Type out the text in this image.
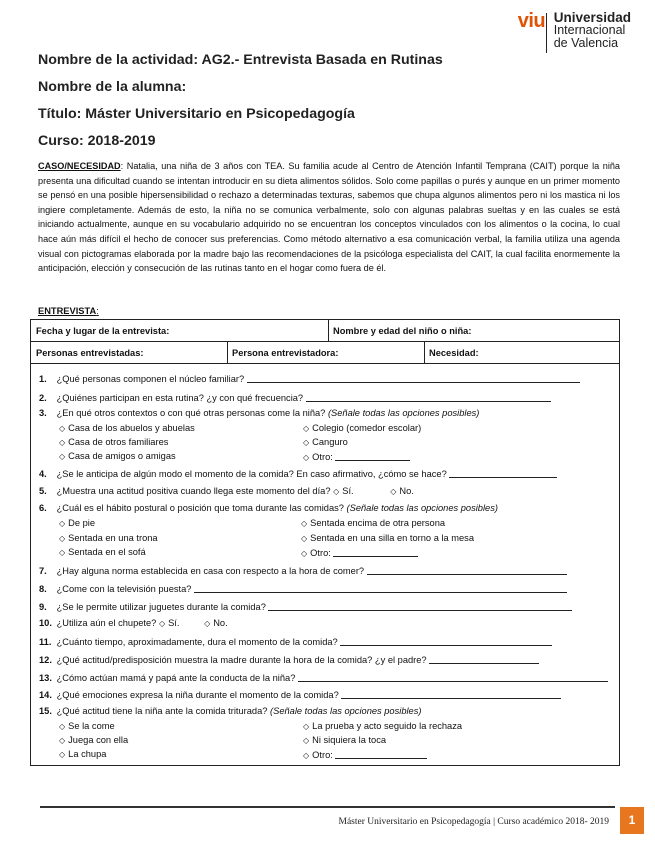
viu Universidad
Internacional
de Valencia
Nombre de la actividad: AG2.- Entrevista Basada en Rutinas
Nombre de la alumna:
Título: Máster Universitario en Psicopedagogía
Curso: 2018-2019
CASO/NECESIDAD: Natalia, una niña de 3 años con TEA. Su familia acude al Centro de Atención Infantil Temprana (CAIT) porque la niña presenta una dificultad cuando se intentan introducir en su dieta alimentos sólidos. Solo come papillas o purés y aunque en un primer momento se pensó en una posible hipersensibilidad o rechazo a determinadas texturas, sabemos que chupa algunos alimentos pero ni los mastica ni los ingiere completamente. Además de esto, la niña no se comunica verbalmente, solo con algunas palabras sueltas y en las cuales se está iniciando actualmente, aunque en su vocabulario adquirido no se encuentran los conceptos vinculados con los alimentos o la cocina, lo cual hace aún más difícil el hecho de conocer sus preferencias. Como método alternativo a esa comunicación verbal, la familia utiliza una agenda visual con pictogramas elaborada por la madre bajo las recomendaciones de la psicóloga especialista del CAIT, la cual facilita enormemente la anticipación, elección y consecución de las rutinas tanto en el hogar como fuera de él.
ENTREVISTA:
Fecha y lugar de la entrevista:	Nombre y edad del niño o niña:
Personas entrevistadas:	Persona entrevistadora:	Necesidad:
1. ¿Qué personas componen el núcleo familiar?
2. ¿Quiénes participan en esta rutina? ¿y con qué frecuencia?
3. ¿En qué otros contextos o con qué otras personas come la niña? (Señale todas las opciones posibles)
◇ Casa de los abuelos y abuelas	◇ Colegio (comedor escolar)
◇ Casa de otros familiares	◇ Canguro
◇ Casa de amigos o amigas	◇ Otro:
4. ¿Se le anticipa de algún modo el momento de la comida? En caso afirmativo, ¿cómo se hace?
5. ¿Muestra una actitud positiva cuando llega este momento del día? ◇ Sí.	◇ No.
6. ¿Cuál es el hábito postural o posición que toma durante las comidas? (Señale todas las opciones posibles)
◇ De pie	◇ Sentada encima de otra persona
◇ Sentada en una trona	◇ Sentada en una silla en torno a la mesa
◇ Sentada en el sofá	◇ Otro:
7. ¿Hay alguna norma establecida en casa con respecto a la hora de comer?
8. ¿Come con la televisión puesta?
9. ¿Se le permite utilizar juguetes durante la comida?
10. ¿Utiliza aún el chupete? ◇ Sí.	◇ No.
11. ¿Cuánto tiempo, aproximadamente, dura el momento de la comida?
12. ¿Qué actitud/predisposición muestra la madre durante la hora de la comida? ¿y el padre?
13. ¿Cómo actúan mamá y papá ante la conducta de la niña?
14. ¿Qué emociones expresa la niña durante el momento de la comida?
15. ¿Qué actitud tiene la niña ante la comida triturada? (Señale todas las opciones posibles)
◇ Se la come	◇ La prueba y acto seguido la rechaza
◇ Juega con ella	◇ Ni siquiera la toca
◇ La chupa	◇ Otro:
Máster Universitario en Psicopedagogía | Curso académico 2018- 2019	1
